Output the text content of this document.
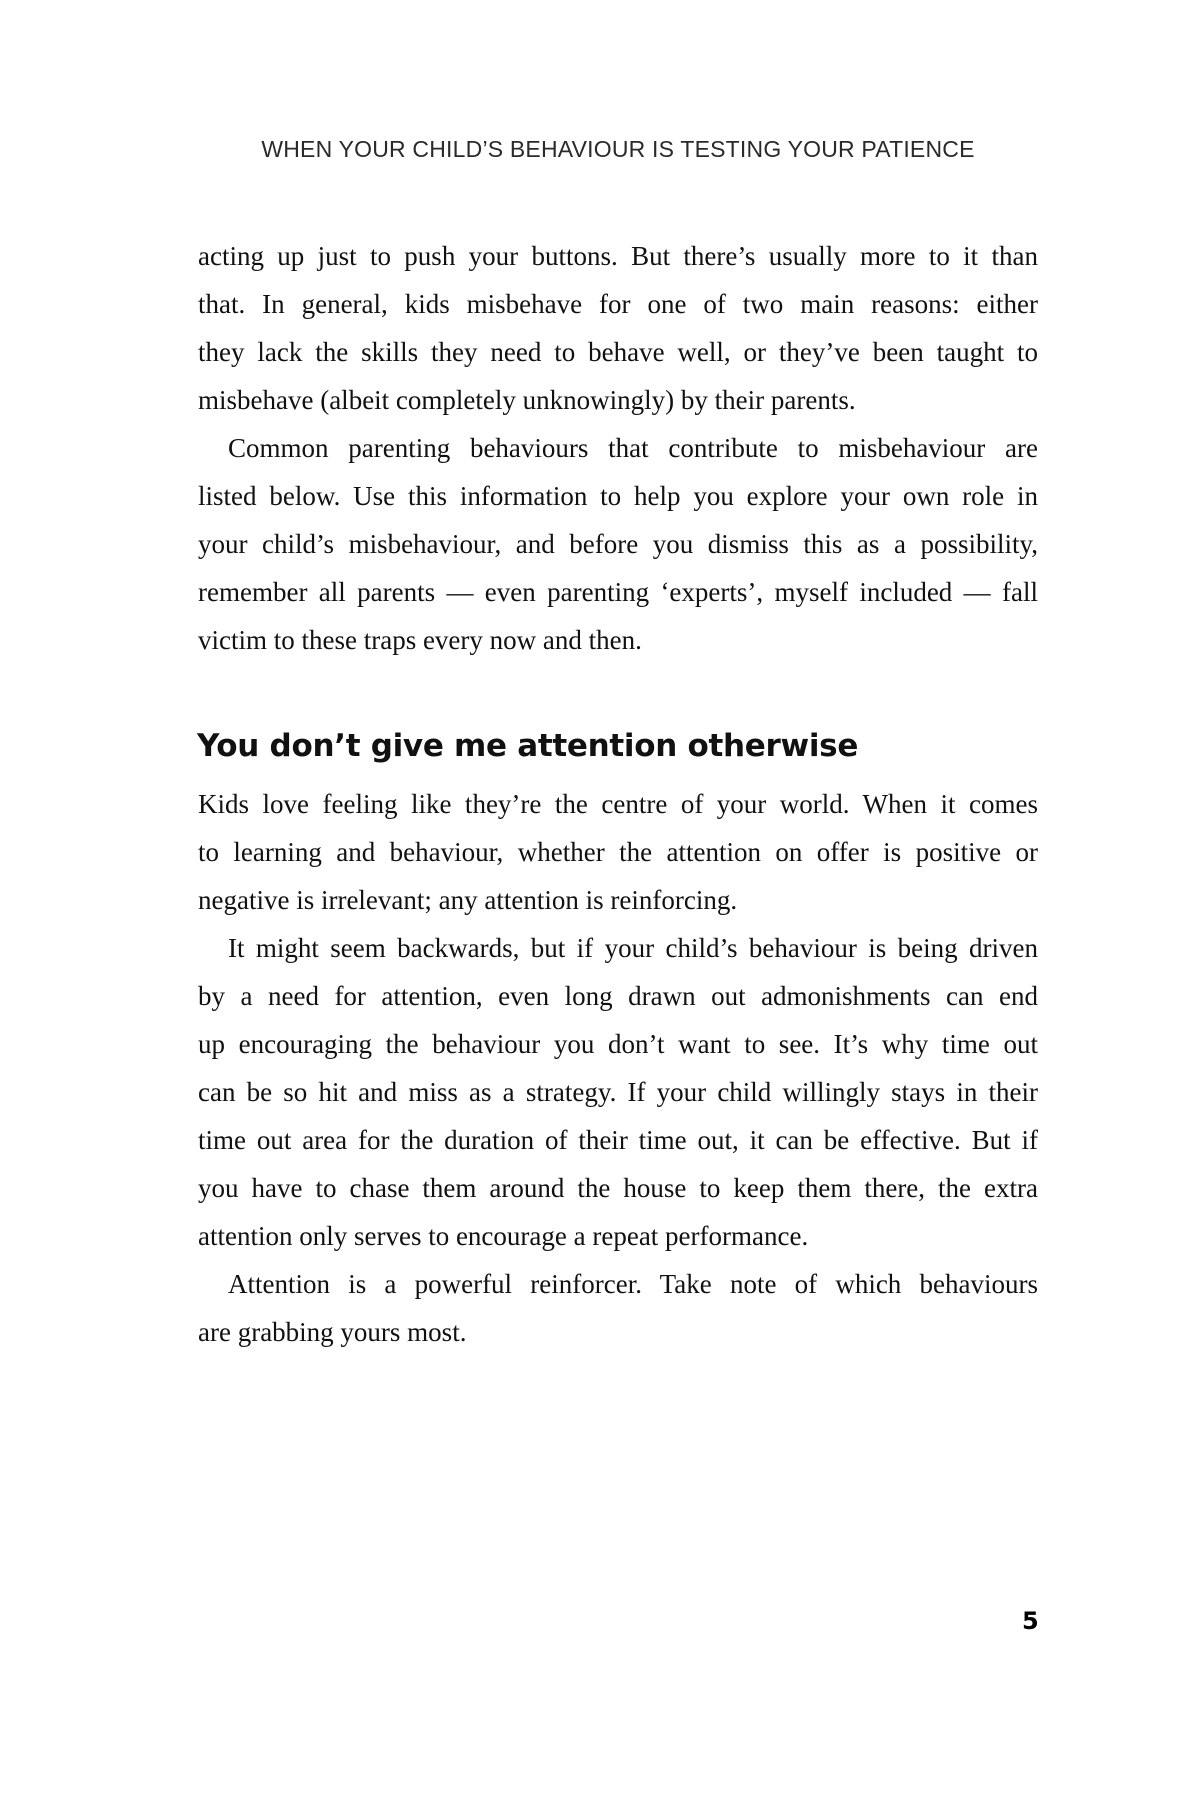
WHEN YOUR CHILD’S BEHAVIOUR IS TESTING YOUR PATIENCE
acting up just to push your buttons. But there’s usually more to it than
that. In general, kids misbehave for one of two main reasons: either
they lack the skills they need to behave well, or they’ve been taught to
misbehave (albeit completely unknowingly) by their parents.
Common parenting behaviours that contribute to misbehaviour are
listed below. Use this information to help you explore your own role in
your child’s misbehaviour, and before you dismiss this as a possibility,
remember all parents — even parenting ‘experts’, myself included — fall
victim to these traps every now and then.
You don’t give me attention otherwise
Kids love feeling like they’re the centre of your world. When it comes
to learning and behaviour, whether the attention on offer is positive or
negative is irrelevant; any attention is reinforcing.
It might seem backwards, but if your child’s behaviour is being driven
by a need for attention, even long drawn out admonishments can end
up encouraging the behaviour you don’t want to see. It’s why time out
can be so hit and miss as a strategy. If your child willingly stays in their
time out area for the duration of their time out, it can be effective. But if
you have to chase them around the house to keep them there, the extra
attention only serves to encourage a repeat performance.
Attention is a powerful reinforcer. Take note of which behaviours
are grabbing yours most.
5
